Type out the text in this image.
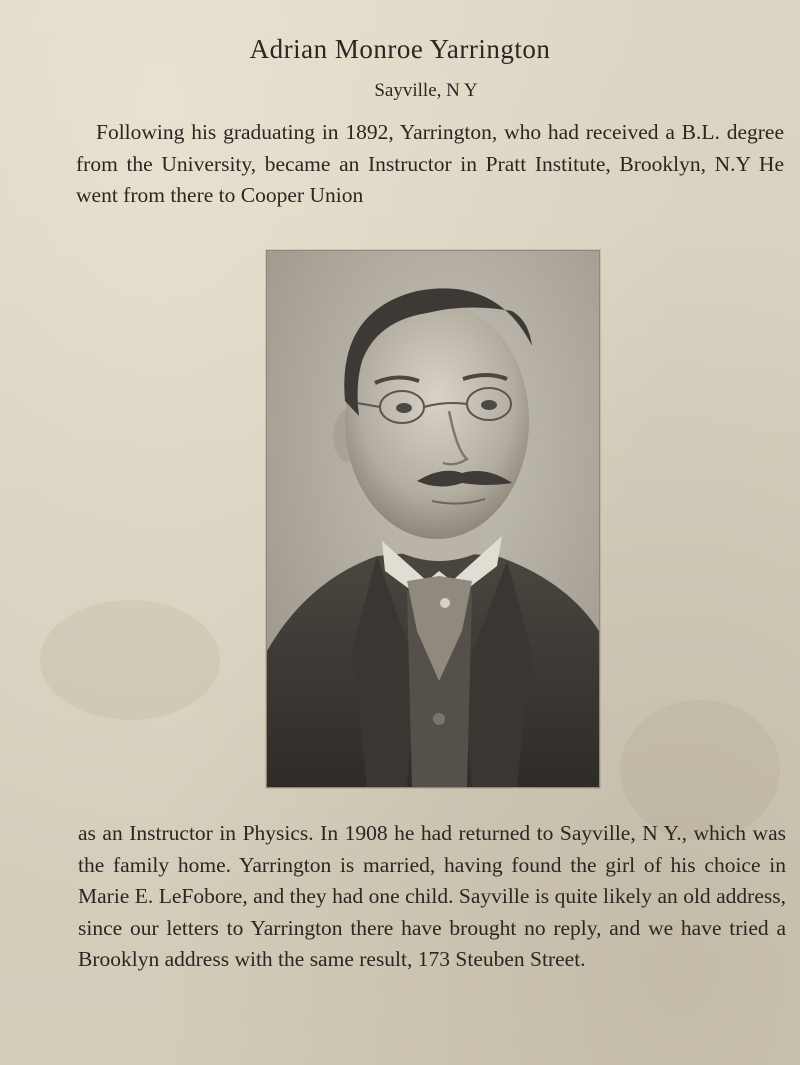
Adrian Monroe Yarrington
Sayville, N Y
Following his graduating in 1892, Yarrington, who had received a B.L. degree from the University, became an Instructor in Pratt Institute, Brooklyn, N.Y He went from there to Cooper Union
as an Instructor in Physics. In 1908 he had returned to Sayville, N Y., which was the family home. Yarrington is married, having found the girl of his choice in Marie E. LeFobore, and they had one child. Sayville is quite likely an old address, since our letters to Yarrington there have brought no reply, and we have tried a Brooklyn address with the same result, 173 Steuben Street.
